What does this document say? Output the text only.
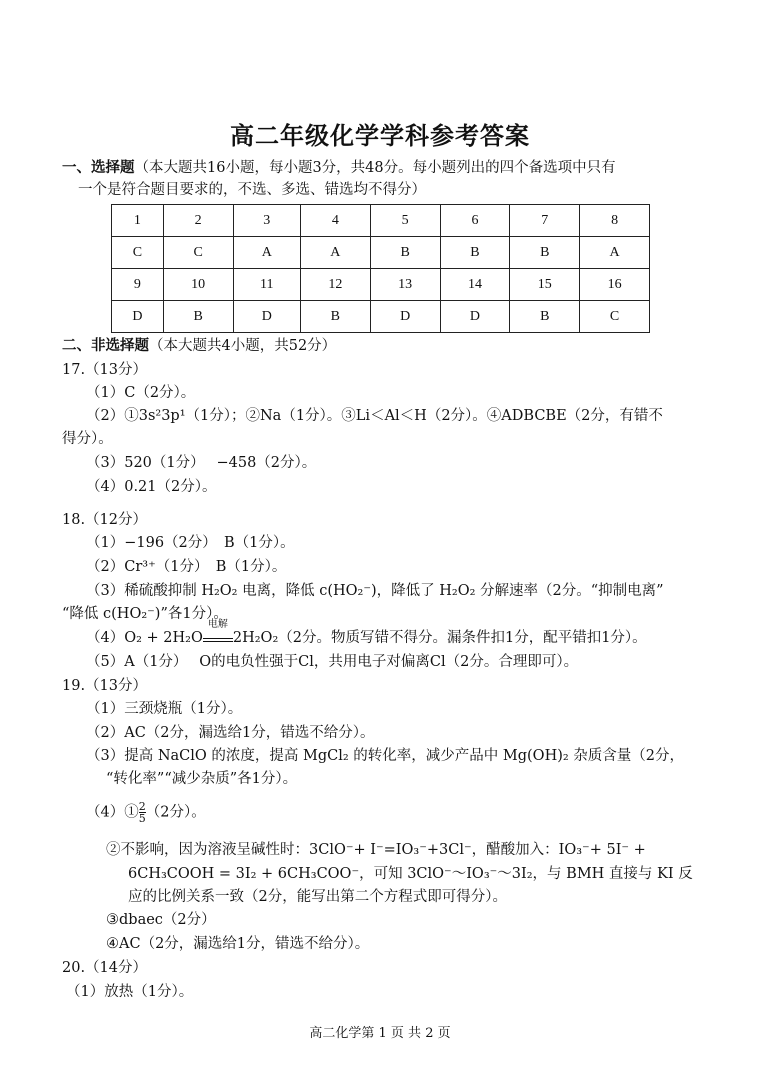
高二年级化学学科参考答案
一、选择题（本大题共16小题，每小题3分，共48分。每小题列出的四个备选项中只有
一个是符合题目要求的，不选、多选、错选均不得分）
1	2	3	4	5	6	7	8
C	C	A	A	B	B	B	A
9	10	11	12	13	14	15	16
D	B	D	B	D	D	B	C
二、非选择题（本大题共4小题，共52分）
17.（13分）
（1）C（2分）。
（2）①3s²3p¹（1分）；②Na（1分）。③Li＜Al＜H（2分）。④ADBCBE（2分，有错不
得分）。
（3）520（1分）　 −458（2分）。
（4）0.21（2分）。
18.（12分）
（1）−196（2分）　B（1分）。
（2）Cr³⁺（1分）　B（1分）。
（3）稀硫酸抑制 H₂O₂ 电离，降低 c(HO₂⁻)，降低了 H₂O₂ 分解速率（2分。“抑制电离”
“降低 c(HO₂⁻)”各1分）。
（4）O₂ + 2H₂O
电解
2H₂O₂（2分。物质写错不得分。漏条件扣1分，配平错扣1分）。
（5）A（1分）　 O的电负性强于Cl，共用电子对偏离Cl（2分。合理即可）。
19.（13分）
（1）三颈烧瓶（1分）。
（2）AC（2分，漏选给1分，错选不给分）。
（3）提高 NaClO 的浓度，提高 MgCl₂ 的转化率，减少产品中 Mg(OH)₂ 杂质含量（2分，
“转化率”“减少杂质”各1分）。
（4）① $\frac{2}{5} (2$分）。
②不影响，因为溶液呈碱性时：3ClO⁻+ I⁻=IO₃⁻+3Cl⁻，醋酸加入：IO₃⁻+ 5I⁻ +
6CH₃COOH = 3I₂ + 6CH₃COO⁻，可知 3ClO⁻～IO₃⁻～3I₂，与 BMH 直接与 KI 反
应的比例关系一致（2分，能写出第二个方程式即可得分）。
③dbaec（2分）
④AC（2分，漏选给1分，错选不给分）。
20.（14分）
（1）放热（1分）。
高二化学第 1 页 共 2 页
